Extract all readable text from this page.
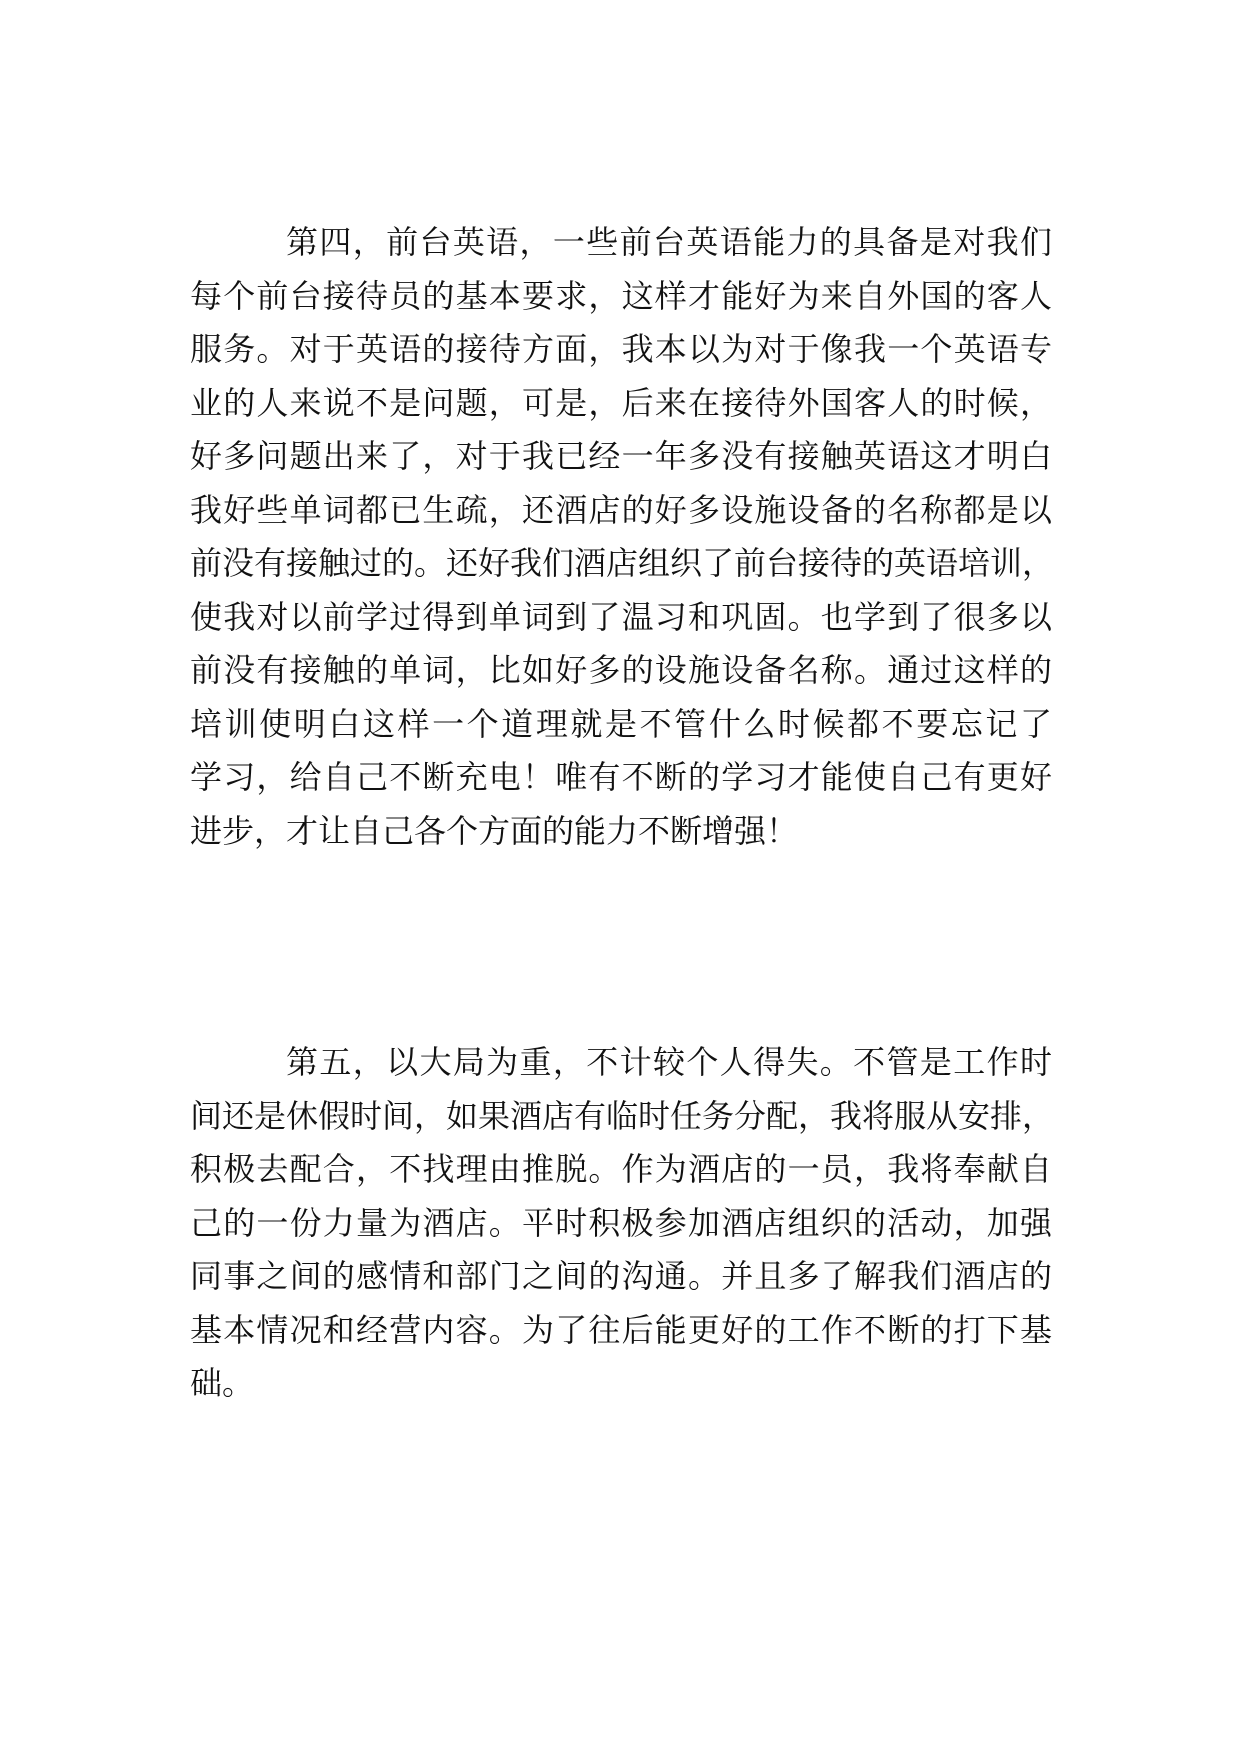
第四，前台英语，一些前台英语能力的具备是对我们
每个前台接待员的基本要求，这样才能好为来自外国的客人
服务。对于英语的接待方面，我本以为对于像我一个英语专
业的人来说不是问题，可是，后来在接待外国客人的时候，
好多问题出来了，对于我已经一年多没有接触英语这才明白
我好些单词都已生疏，还酒店的好多设施设备的名称都是以
前没有接触过的。还好我们酒店组织了前台接待的英语培训，
使我对以前学过得到单词到了温习和巩固。也学到了很多以
前没有接触的单词，比如好多的设施设备名称。通过这样的
培训使明白这样一个道理就是不管什么时候都不要忘记了
学习，给自己不断充电！唯有不断的学习才能使自己有更好
进步，才让自己各个方面的能力不断增强！
第五，以大局为重，不计较个人得失。不管是工作时
间还是休假时间，如果酒店有临时任务分配，我将服从安排，
积极去配合，不找理由推脱。作为酒店的一员，我将奉献自
己的一份力量为酒店。平时积极参加酒店组织的活动，加强
同事之间的感情和部门之间的沟通。并且多了解我们酒店的
基本情况和经营内容。为了往后能更好的工作不断的打下基
础。
